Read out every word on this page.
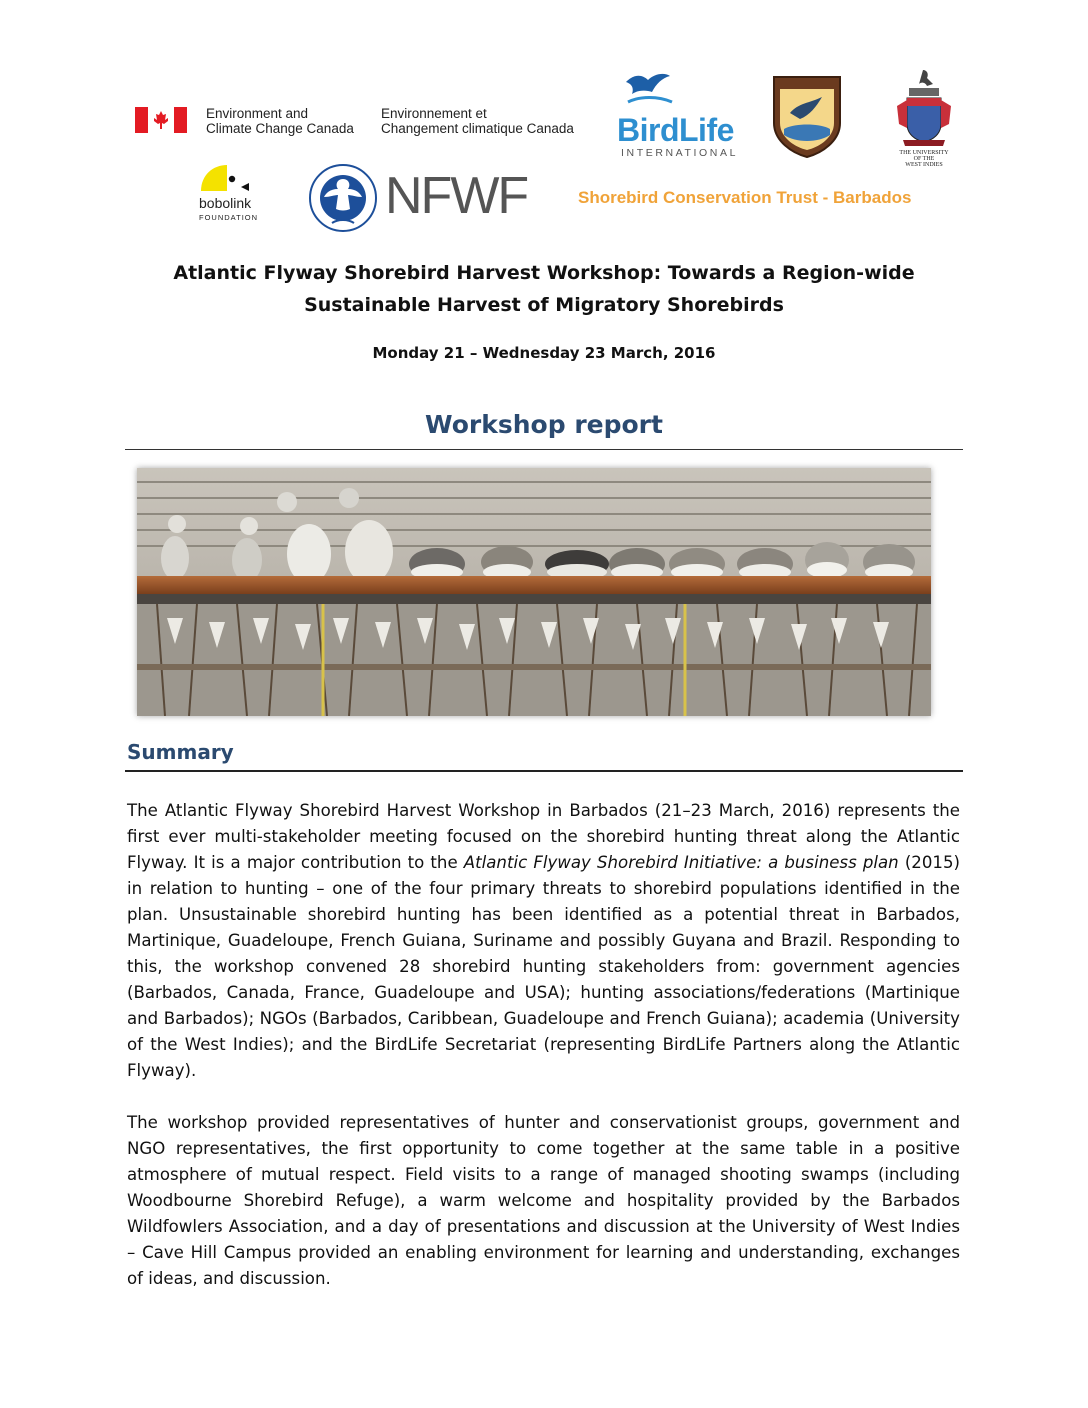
Environment and
Climate Change Canada
Environnement et
Changement climatique Canada BirdLife
INTERNATIONAL	THE UNIVERSITY
OF THE
WEST INDIES
bobolink
FOUNDATION NFWF	Shorebird Conservation Trust - Barbados
Atlantic Flyway Shorebird Harvest Workshop: Towards a Region-wide
Sustainable Harvest of Migratory Shorebirds
Monday 21 – Wednesday 23 March, 2016
Workshop report
Summary
The Atlantic Flyway Shorebird Harvest Workshop in Barbados (21–23 March, 2016) represents the first ever multi-stakeholder meeting focused on the shorebird hunting threat along the Atlantic Flyway. It is a major contribution to the Atlantic Flyway Shorebird Initiative: a business plan (2015) in relation to hunting – one of the four primary threats to shorebird populations identified in the plan. Unsustainable shorebird hunting has been identified as a potential threat in Barbados, Martinique, Guadeloupe, French Guiana, Suriname and possibly Guyana and Brazil. Responding to this, the workshop convened 28 shorebird hunting stakeholders from: government agencies (Barbados, Canada, France, Guadeloupe and USA); hunting associations/federations (Martinique and Barbados); NGOs (Barbados, Caribbean, Guadeloupe and French Guiana); academia (University of the West Indies); and the BirdLife Secretariat (representing BirdLife Partners along the Atlantic Flyway).
The workshop provided representatives of hunter and conservationist groups, government and NGO representatives, the first opportunity to come together at the same table in a positive atmosphere of mutual respect. Field visits to a range of managed shooting swamps (including Woodbourne Shorebird Refuge), a warm welcome and hospitality provided by the Barbados Wildfowlers Association, and a day of presentations and discussion at the University of West Indies – Cave Hill Campus provided an enabling environment for learning and understanding, exchanges of ideas, and discussion.
